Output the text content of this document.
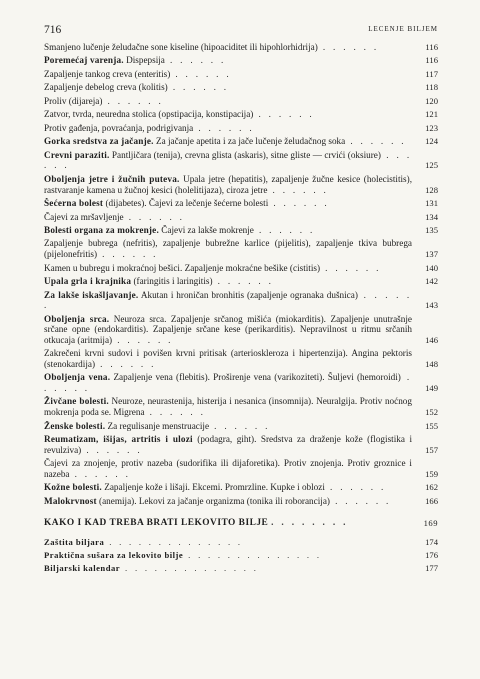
716	LECENJE BILJEM
Smanjeno lučenje želudačne sone kiseline (hipoaciditet ili hipohlorhidrija) . . . . . .	116
Poremećaj varenja. Dispepsija . . . . . .	116
Zapaljenje tankog creva (enteritis) . . . . . .	117
Zapaljenje debelog creva (kolitis) . . . . . .	118
Proliv (dijareja) . . . . . .	120
Zatvor, tvrda, neuredna stolica (opstipacija, konstipacija) . . . . . .	121
Protiv gađenja, povraćanja, podrigivanja . . . . . .	123
Gorka sredstva za jačanje. Za jačanje apetita i za jače lučenje želudačnog soka . . . . . . 124
Crevni paraziti. Pantljičara (tenija), crevna glista (askaris), sitne gliste — crvići (oksiure) . . . . . .	125
Oboljenja jetre i žučnih puteva. Upala jetre (hepatitis), zapaljenje žučne kesice (holecistitis), rastvaranje kamena u žučnoj kesici (holelitijaza), ciroza jetre . . . . . .	128
Šećerna bolest (dijabetes). Čajevi za lečenje šećerne bolesti . . . . . .	131
Čajevi za mršavljenje . . . . . .	134
Bolesti organa za mokrenje. Čajevi za lakše mokrenje . . . . . .	135
Zapaljenje bubrega (nefritis), zapaljenje bubrežne karlice (pijelitis), zapaljenje tkiva bubrega (pijelonefritis) . . . . . .	137
Kamen u bubregu i mokraćnoj bešici. Zapaljenje mokraćne bešike (cistitis) . . . . . .	140
Upala grla i krajnika (faringitis i laringitis) . . . . . .	142
Za lakše iskašljavanje. Akutan i hroničan bronhitis (zapaljenje ogranaka dušnica) . . . . . .	143
Oboljenja srca. Neuroza srca. Zapaljenje srčanog mišića (miokarditis). Zapaljenje unutrašnje srčane opne (endokarditis). Zapaljenje srčane kese (perikarditis). Nepravilnost u ritmu srčanih otkucaja (aritmija) . . . . . .	146
Zakrečeni krvni sudovi i povišen krvni pritisak (arterioskleroza i hipertenzija). Angina pektoris (stenokardija) . . . . . .	148
Oboljenja vena. Zapaljenje vena (flebitis). Proširenje vena (varikoziteti). Šuljevi (hemoroidi) . . . . . .	149
Živčane bolesti. Neuroze, neurastenija, histerija i nesanica (insomnija). Neuralgija. Protiv noćnog mokrenja poda se. Migrena . . . . . .	152
Ženske bolesti. Za regulisanje menstruacije . . . . . .	155
Reumatizam, išijas, artritis i ulozi (podagra, giht). Sredstva za draženje kože (flogistika i revulziva) . . . . . .	157
Čajevi za znojenje, protiv nazeba (sudorifika ili dijaforetika). Protiv znojenja. Protiv groznice i nazeba . . . . . .	159
Kožne bolesti. Zapaljenje kože i lišaji. Ekcemi. Promrzline. Kupke i oblozi . . . . . .	162
Malokrvnost (anemija). Lekovi za jačanje organizma (tonika ili roborancija) . . . . . .	166
KAKO I KAD TREBA BRATI LEKOVITO BILJE . . . . . . . .	169
Zaštita biljara . . . . . . . . . . . . . .	174
Praktična sušara za lekovito bilje . . . . . . . . . . . . . .	176
Biljarski kalendar . . . . . . . . . . . . . .	177
